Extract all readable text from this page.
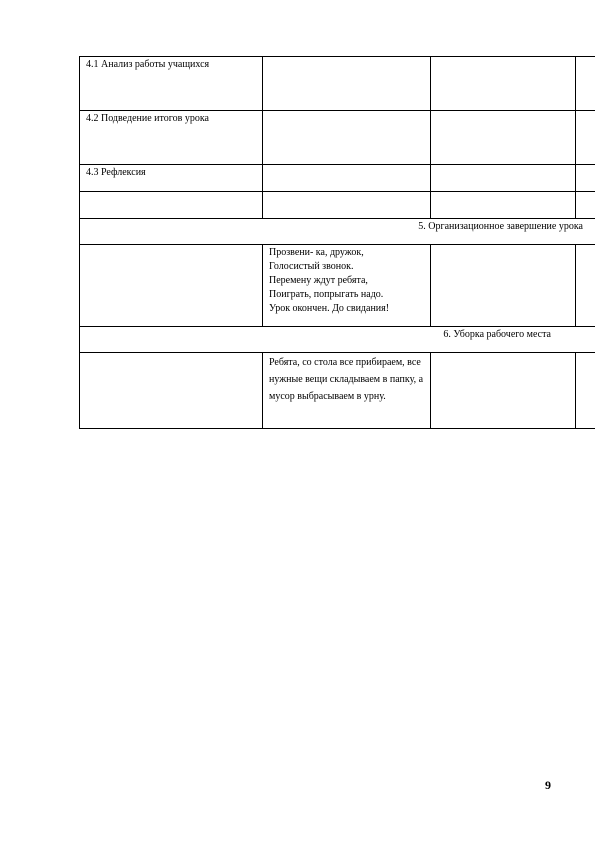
4.1 Анализ работы учащихся			
4.2 Подведение итогов урока			
4.3 Рефлексия			

5. Организационное завершение урока			

	Прозвени- ка, дружок,
Голосистый звонок.
Перемену ждут ребята,
Поиграть, попрыгать надо.
Урок окончен. До свидания!		

6. Уборка рабочего места			

	Ребята, со стола все прибираем, все нужные вещи складываем в папку, а мусор выбрасываем в урну.		

9
